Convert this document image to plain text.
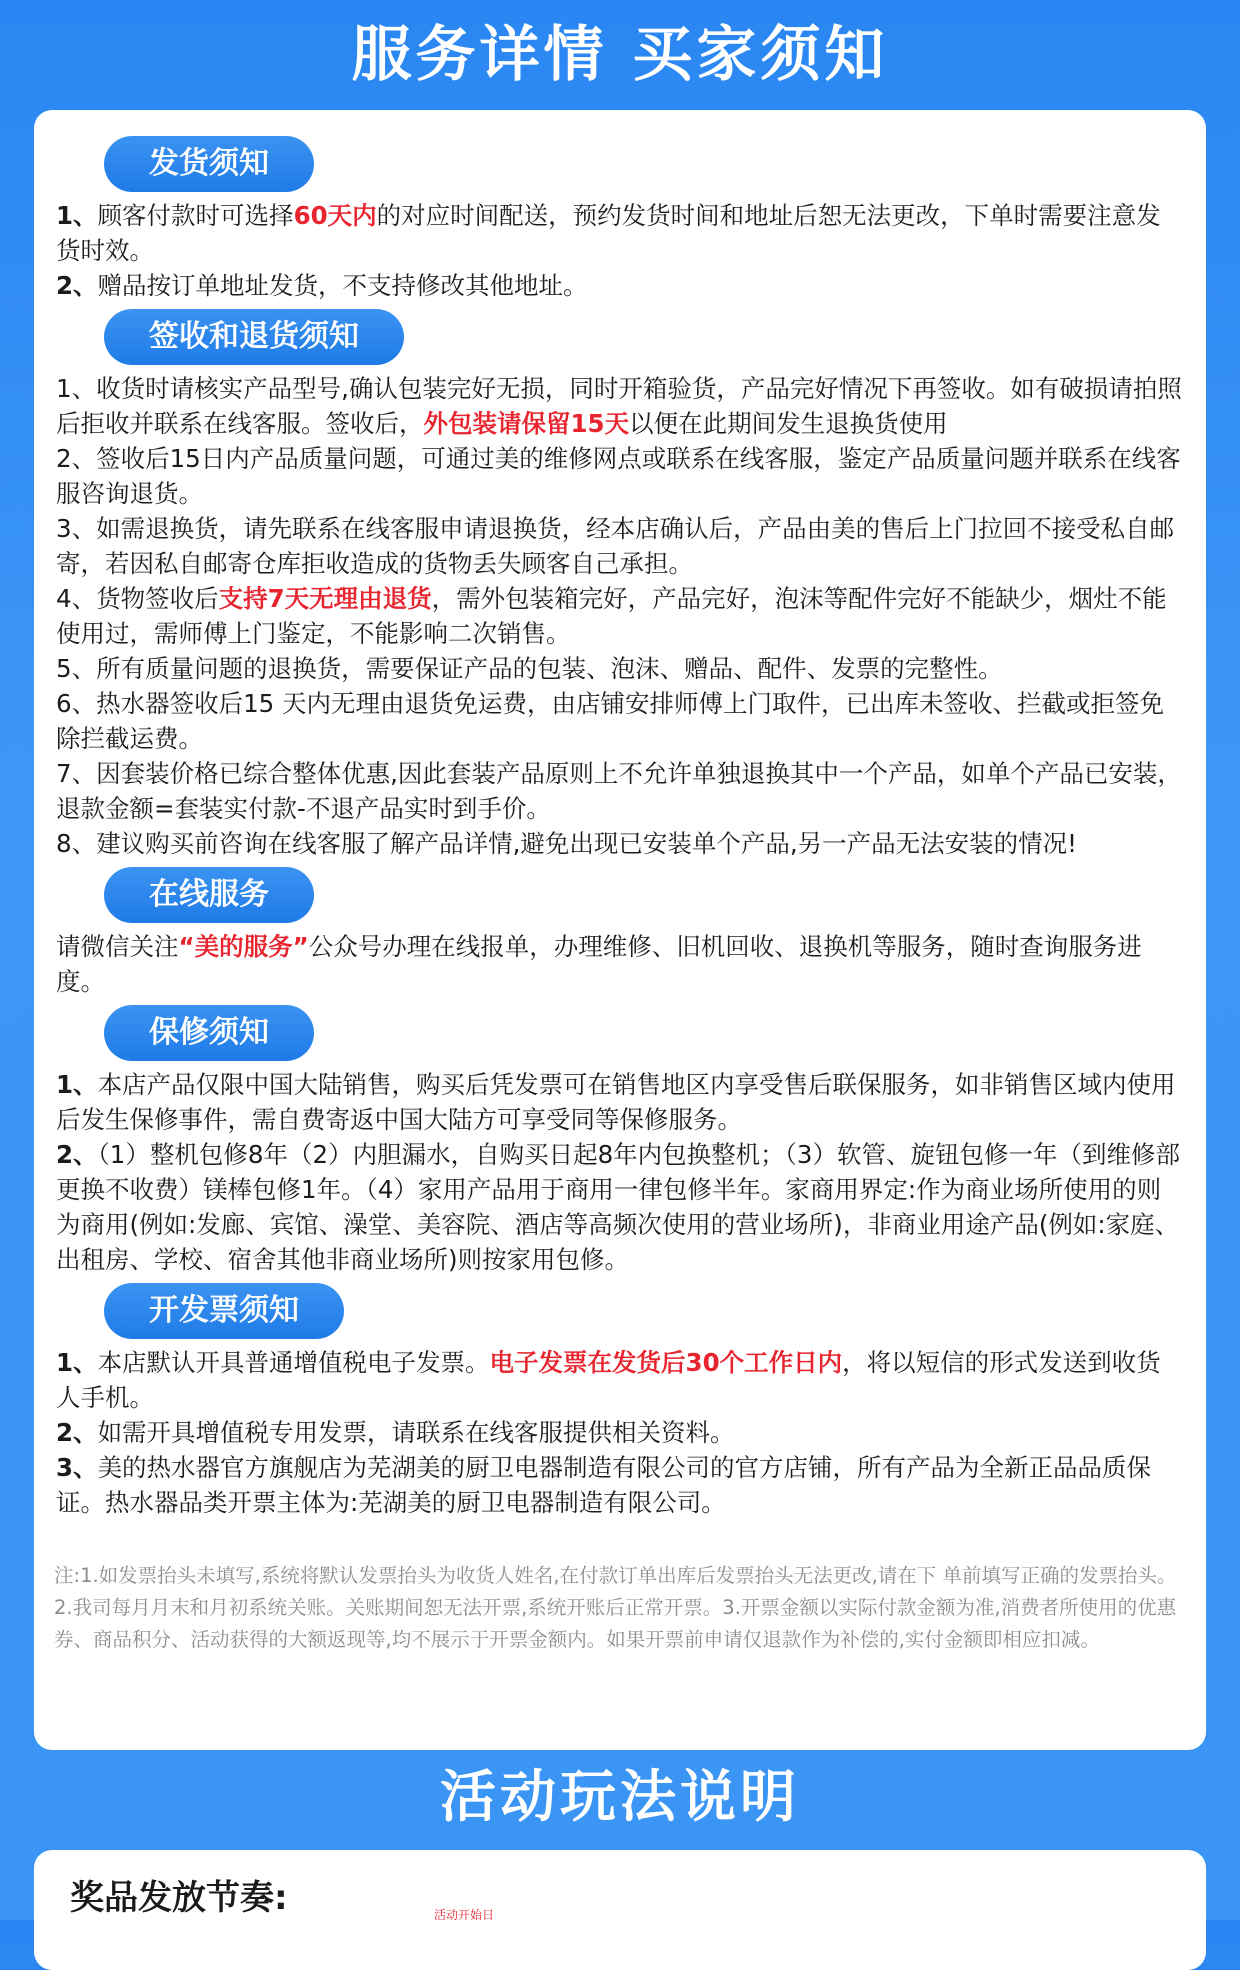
服务详情 买家须知
发货须知

1、顾客付款时可选择60天内的对应时间配送，预约发货时间和地址后恕无法更改，下单时需要注意发货时效。

2、赠品按订单地址发货，不支持修改其他地址。

签收和退货须知

1、收货时请核实产品型号,确认包装完好无损，同时开箱验货，产品完好情况下再签收。如有破损请拍照后拒收并联系在线客服。签收后，外包装请保留15天以便在此期间发生退换货使用

2、签收后15日内产品质量问题，可通过美的维修网点或联系在线客服，鉴定产品质量问题并联系在线客服咨询退货。

3、如需退换货，请先联系在线客服申请退换货，经本店确认后，产品由美的售后上门拉回不接受私自邮寄，若因私自邮寄仓库拒收造成的货物丢失顾客自己承担。

4、货物签收后支持7天无理由退货，需外包装箱完好，产品完好，泡沫等配件完好不能缺少，烟灶不能使用过，需师傅上门鉴定，不能影响二次销售。

5、所有质量问题的退换货，需要保证产品的包装、泡沫、赠品、配件、发票的完整性。

6、热水器签收后15 天内无理由退货免运费，由店铺安排师傅上门取件，已出库未签收、拦截或拒签免除拦截运费。

7、因套装价格已综合整体优惠,因此套装产品原则上不允许单独退换其中一个产品，如单个产品已安装，退款金额=套装实付款-不退产品实时到手价。

8、建议购买前咨询在线客服了解产品详情,避免出现已安装单个产品,另一产品无法安装的情况!

在线服务

请微信关注“美的服务”公众号办理在线报单，办理维修、旧机回收、退换机等服务，随时查询服务进度。

保修须知

1、本店产品仅限中国大陆销售，购买后凭发票可在销售地区内享受售后联保服务，如非销售区域内使用后发生保修事件，需自费寄返中国大陆方可享受同等保修服务。

2、（1）整机包修8年（2）内胆漏水，自购买日起8年内包换整机；（3）软管、旋钮包修一年（到维修部更换不收费）镁棒包修1年。（4）家用产品用于商用一律包修半年。家商用界定:作为商业场所使用的则为商用(例如:发廊、宾馆、澡堂、美容院、酒店等高频次使用的营业场所)，非商业用途产品(例如:家庭、出租房、学校、宿舍其他非商业场所)则按家用包修。

开发票须知

1、本店默认开具普通增值税电子发票。电子发票在发货后30个工作日内，将以短信的形式发送到收货人手机。

2、如需开具增值税专用发票，请联系在线客服提供相关资料。

3、美的热水器官方旗舰店为芜湖美的厨卫电器制造有限公司的官方店铺，所有产品为全新正品品质保证。热水器品类开票主体为:芜湖美的厨卫电器制造有限公司。

注:1.如发票抬头未填写,系统将默认发票抬头为收货人姓名,在付款订单出库后发票抬头无法更改,请在下 单前填写正确的发票抬头。2.我司每月月末和月初系统关账。关账期间恕无法开票,系统开账后正常开票。3.开票金额以实际付款金额为准,消费者所使用的优惠券、商品积分、活动获得的大额返现等,均不展示于开票金额内。如果开票前申请仅退款作为补偿的,实付金额即相应扣减。

活动玩法说明
奖品发放节奏:	活动开始日
